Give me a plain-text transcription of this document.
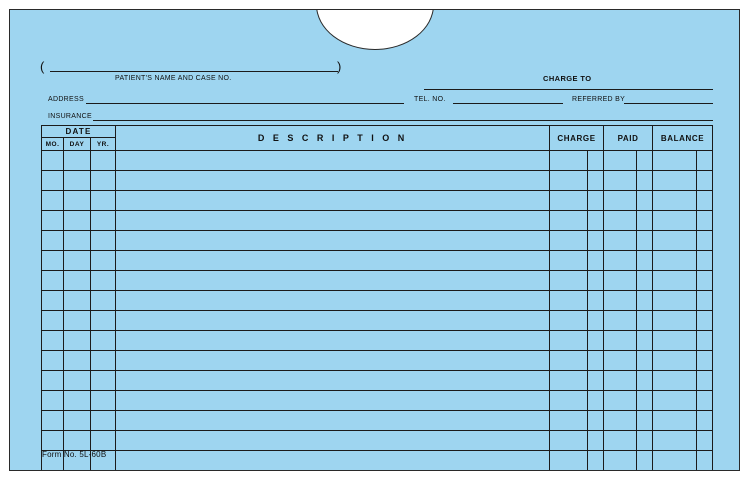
(	)
PATIENT'S NAME AND CASE NO.	CHARGE TO
ADDRESS	TEL. NO.	REFERRED BY
INSURANCE
DATE			D E S C R I P T I O N	CHARGE		PAID		BALANCE	
MO.	DAY	YR.							

Form No. 5L-60B
